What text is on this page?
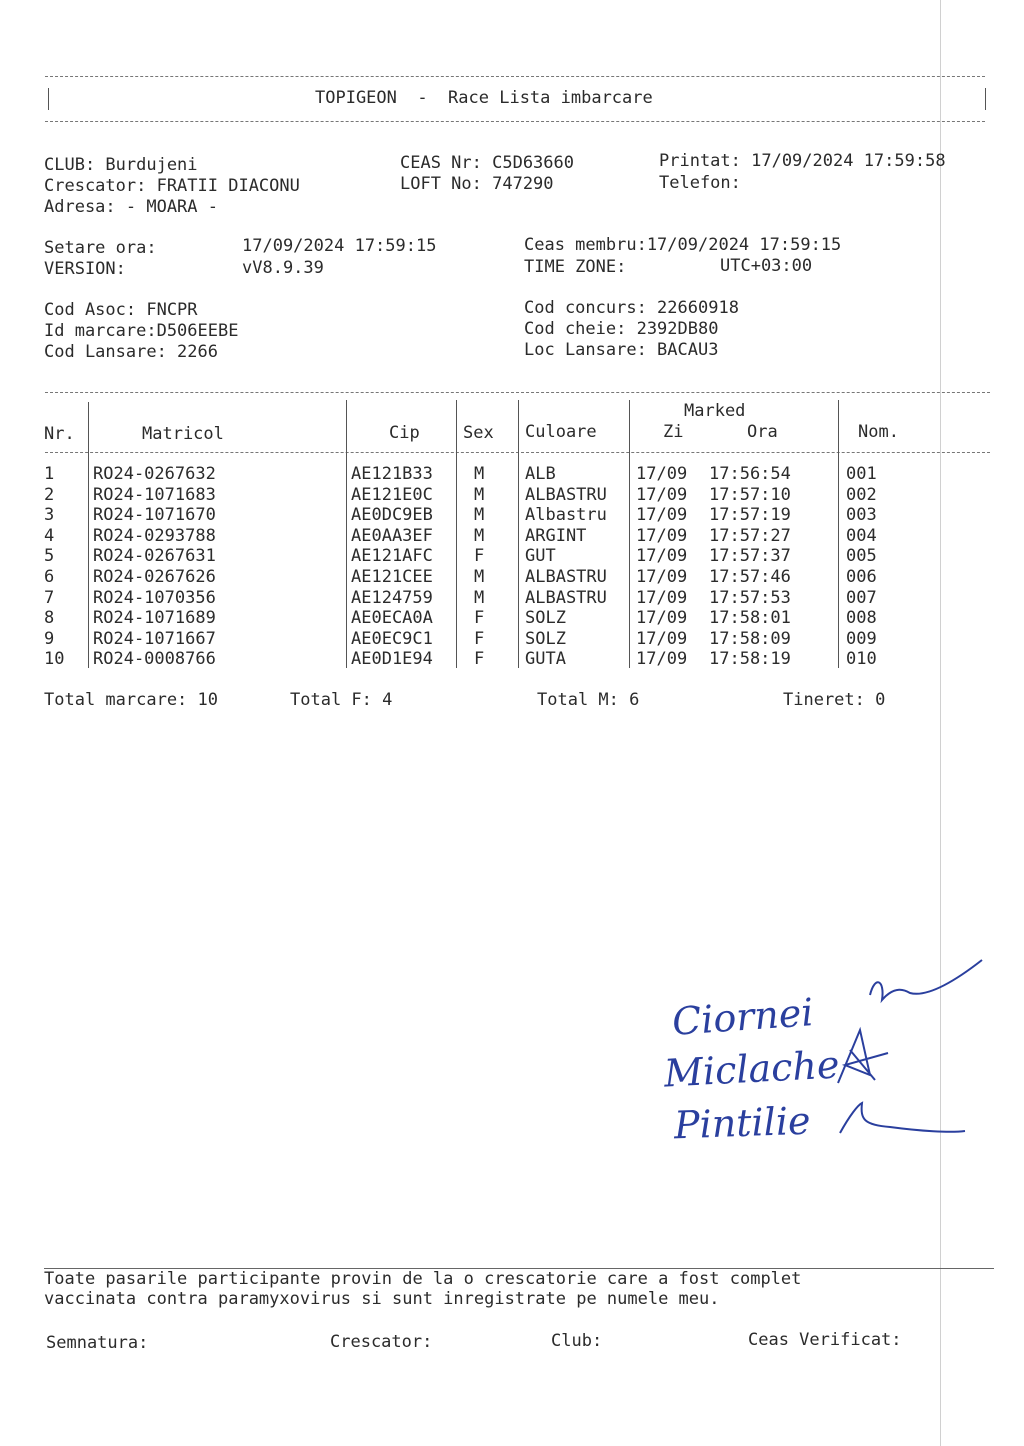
TOPIGEON  -  Race Lista imbarcare
CLUB: Burdujeni
Crescator: FRATII DIACONU
Adresa: - MOARA -
CEAS Nr: C5D63660
LOFT No: 747290
Printat: 17/09/2024 17:59:58
Telefon:
Setare ora:	17/09/2024 17:59:15
VERSION:	vV8.9.39
Ceas membru:17/09/2024 17:59:15
TIME ZONE:	UTC+03:00
Cod Asoc: FNCPR
Id marcare:D506EEBE
Cod Lansare: 2266
Cod concurs: 22660918
Cod cheie: 2392DB80
Loc Lansare: BACAU3
Marked
Nr.	Matricol	Cip	Sex Culoare	Zi	Ora	Nom.
1 RO24-0267632	AE121B33 M ALB	17/09 17:56:54	001
2 RO24-1071683	AE121E0C M ALBASTRU 17/09 17:57:10	002
3 RO24-1071670	AE0DC9EB M Albastru 17/09 17:57:19	003
4 RO24-0293788	AE0AA3EF M ARGINT	17/09 17:57:27	004
5 RO24-0267631	AE121AFC F GUT	17/09 17:57:37	005
6 RO24-0267626	AE121CEE M ALBASTRU 17/09 17:57:46	006
7 RO24-1070356	AE124759 M ALBASTRU 17/09 17:57:53	007
8 RO24-1071689	AE0ECA0A F SOLZ	17/09 17:58:01	008
9 RO24-1071667	AE0EC9C1 F SOLZ	17/09 17:58:09	009
10 RO24-0008766	AE0D1E94 F GUTA	17/09 17:58:19	010
Total marcare: 10	Total F: 4	Total M: 6	Tineret: 0
Ciornei
Miclache
Pintilie
Toate pasarile participante provin de la o crescatorie care a fost complet
vaccinata contra paramyxovirus si sunt inregistrate pe numele meu.
Semnatura:	Crescator:	Club:	Ceas Verificat:
